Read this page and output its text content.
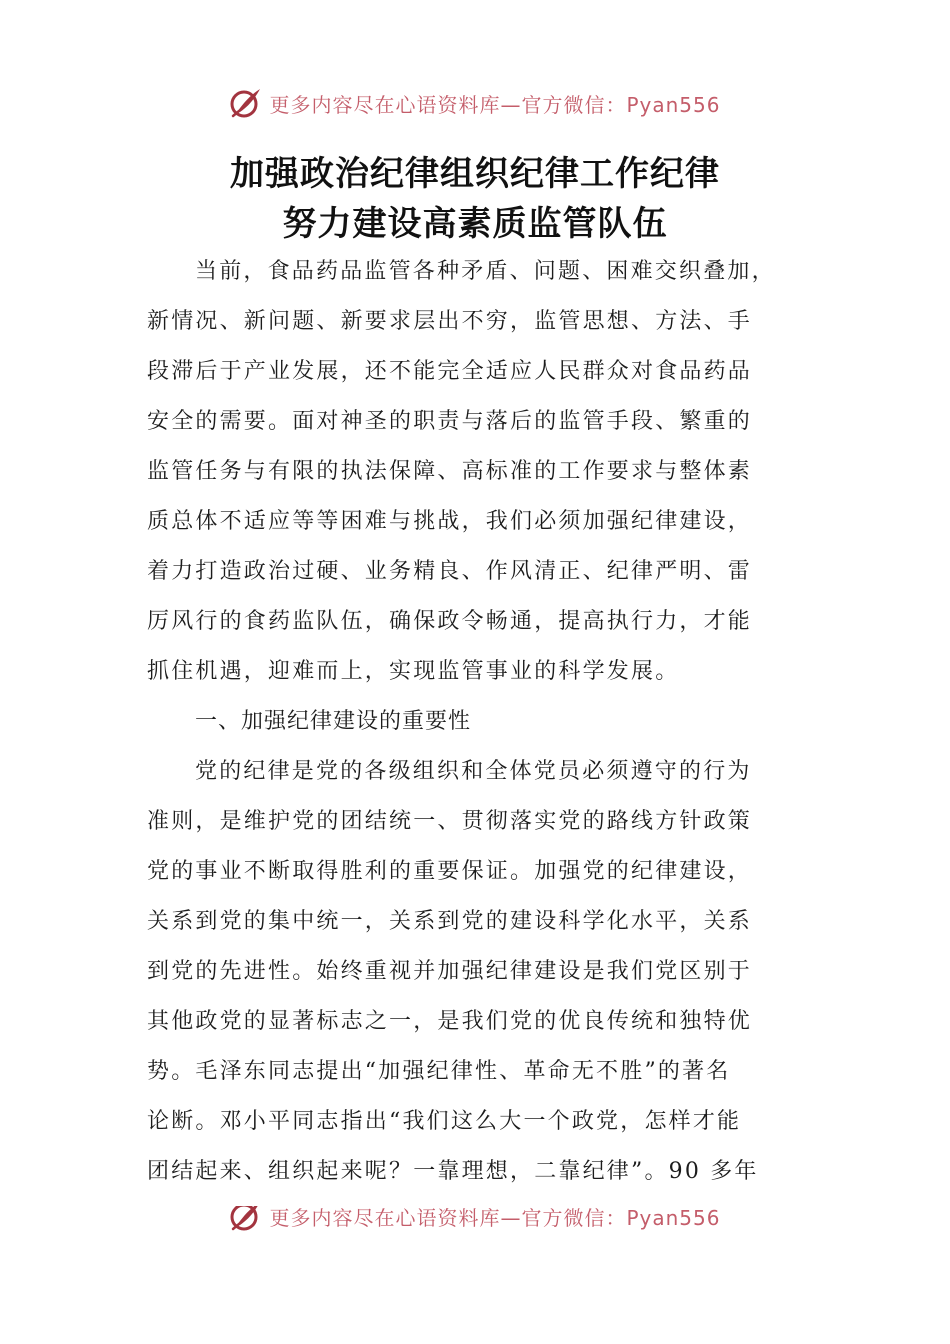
更多内容尽在心语资料库—官方微信：Pyan556
加强政治纪律组织纪律工作纪律
努力建设高素质监管队伍
当前，食品药品监管各种矛盾、问题、困难交织叠加，
新情况、新问题、新要求层出不穷，监管思想、方法、手
段滞后于产业发展，还不能完全适应人民群众对食品药品
安全的需要。面对神圣的职责与落后的监管手段、繁重的
监管任务与有限的执法保障、高标准的工作要求与整体素
质总体不适应等等困难与挑战，我们必须加强纪律建设，
着力打造政治过硬、业务精良、作风清正、纪律严明、雷
厉风行的食药监队伍，确保政令畅通，提高执行力，才能
抓住机遇，迎难而上，实现监管事业的科学发展。
一、加强纪律建设的重要性
党的纪律是党的各级组织和全体党员必须遵守的行为
准则，是维护党的团结统一、贯彻落实党的路线方针政策
党的事业不断取得胜利的重要保证。加强党的纪律建设，
关系到党的集中统一，关系到党的建设科学化水平，关系
到党的先进性。始终重视并加强纪律建设是我们党区别于
其他政党的显著标志之一，是我们党的优良传统和独特优
势。毛泽东同志提出“加强纪律性、革命无不胜”的著名
论断。邓小平同志指出“我们这么大一个政党，怎样才能
团结起来、组织起来呢？一靠理想，二靠纪律”。90 多年
更多内容尽在心语资料库—官方微信：Pyan556
